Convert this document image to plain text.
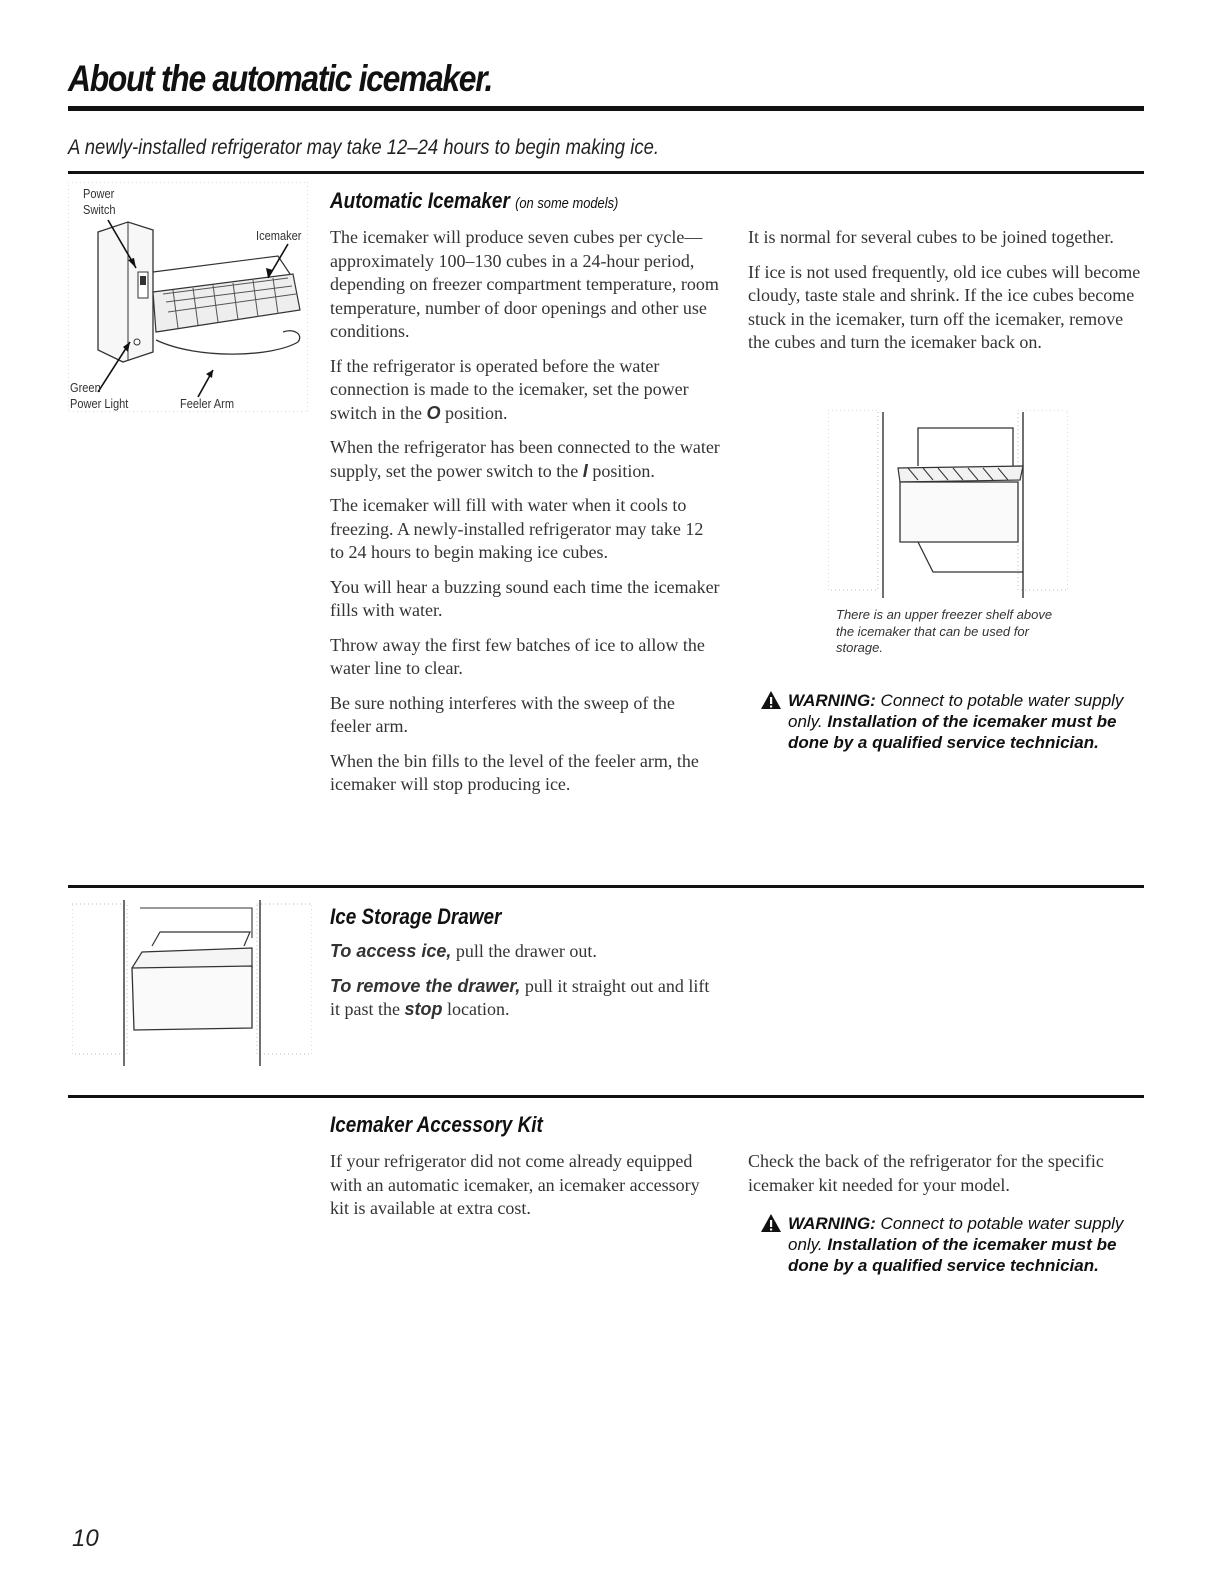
About the automatic icemaker.

A newly-installed refrigerator may take 12–24 hours to begin making ice.

Power
Switch
Icemaker
Green
Power Light	Feeler Arm
Automatic Icemaker (on some models)

The icemaker will produce seven cubes per cycle—approximately 100–130 cubes in a 24-hour period, depending on freezer compartment temperature, room temperature, number of door openings and other use conditions.

If the refrigerator is operated before the water connection is made to the icemaker, set the power switch in the O position.

When the refrigerator has been connected to the water supply, set the power switch to the I position.

The icemaker will fill with water when it cools to freezing. A newly-installed refrigerator may take 12 to 24 hours to begin making ice cubes.

You will hear a buzzing sound each time the icemaker fills with water.

Throw away the first few batches of ice to allow the water line to clear.

Be sure nothing interferes with the sweep of the feeler arm.

When the bin fills to the level of the feeler arm, the icemaker will stop producing ice.

It is normal for several cubes to be joined together.

If ice is not used frequently, old ice cubes will become cloudy, taste stale and shrink. If the ice cubes become stuck in the icemaker, turn off the icemaker, remove the cubes and turn the icemaker back on.

There is an upper freezer shelf above the icemaker that can be used for storage.
WARNING: Connect to potable water supply only. Installation of the icemaker must be done by a qualified service technician.
Ice Storage Drawer

To access ice, pull the drawer out.

To remove the drawer, pull it straight out and lift it past the stop location.

Icemaker Accessory Kit

If your refrigerator did not come already equipped with an automatic icemaker, an icemaker accessory kit is available at extra cost.

Check the back of the refrigerator for the specific icemaker kit needed for your model.

WARNING: Connect to potable water supply only. Installation of the icemaker must be done by a qualified service technician.
10
